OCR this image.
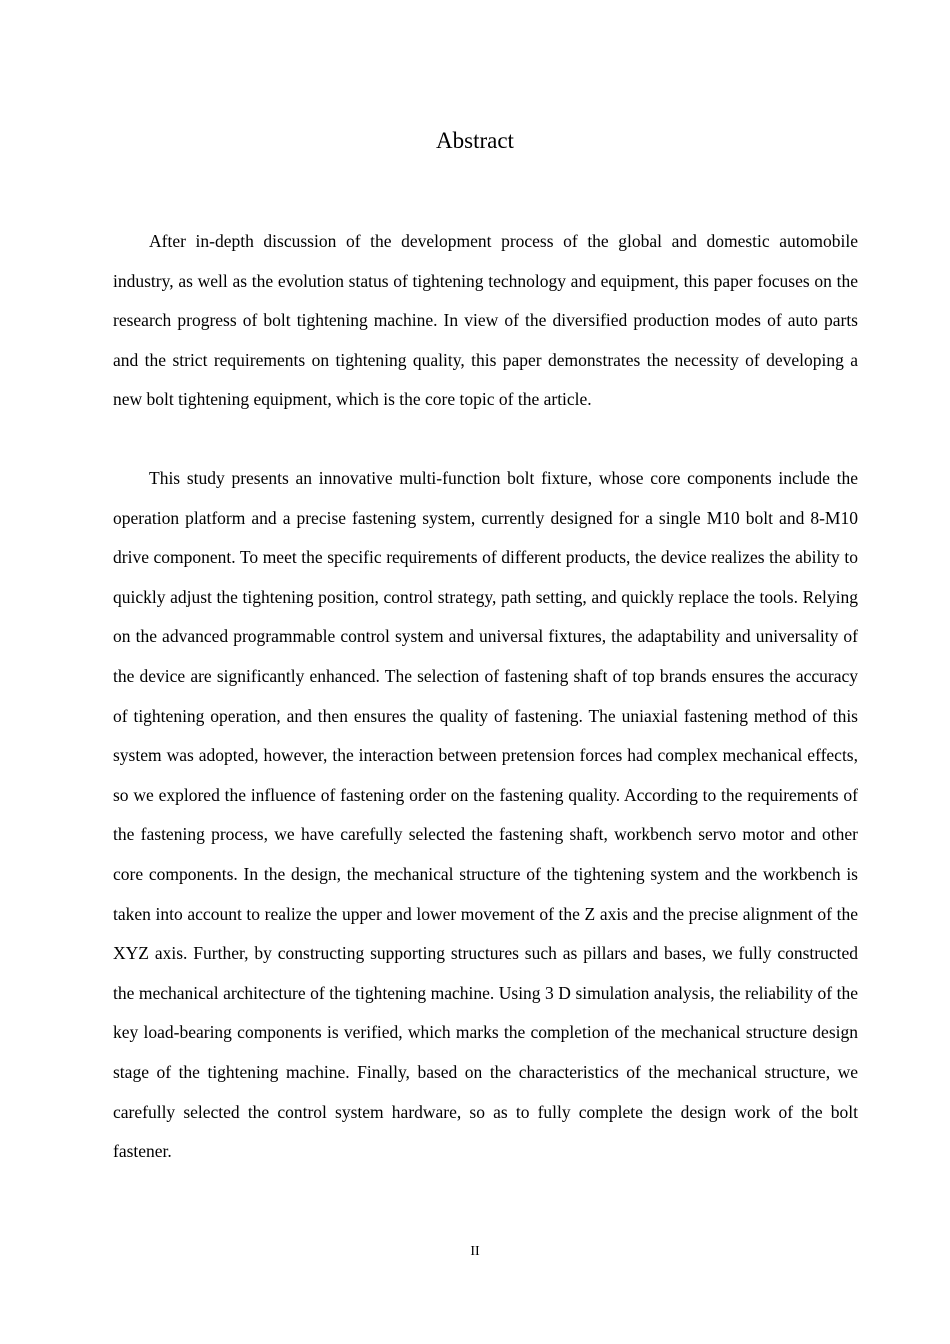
Abstract

After in-depth discussion of the development process of the global and domestic automobile industry, as well as the evolution status of tightening technology and equipment, this paper focuses on the research progress of bolt tightening machine. In view of the diversified production modes of auto parts and the strict requirements on tightening quality, this paper demonstrates the necessity of developing a new bolt tightening equipment, which is the core topic of the article.

This study presents an innovative multi-function bolt fixture, whose core components include the operation platform and a precise fastening system, currently designed for a single M10 bolt and 8-M10 drive component. To meet the specific requirements of different products, the device realizes the ability to quickly adjust the tightening position, control strategy, path setting, and quickly replace the tools. Relying on the advanced programmable control system and universal fixtures, the adaptability and universality of the device are significantly enhanced. The selection of fastening shaft of top brands ensures the accuracy of tightening operation, and then ensures the quality of fastening. The uniaxial fastening method of this system was adopted, however, the interaction between pretension forces had complex mechanical effects, so we explored the influence of fastening order on the fastening quality. According to the requirements of the fastening process, we have carefully selected the fastening shaft, workbench servo motor and other core components. In the design, the mechanical structure of the tightening system and the workbench is taken into account to realize the upper and lower movement of the Z axis and the precise alignment of the XYZ axis. Further, by constructing supporting structures such as pillars and bases, we fully constructed the mechanical architecture of the tightening machine. Using 3 D simulation analysis, the reliability of the key load-bearing components is verified, which marks the completion of the mechanical structure design stage of the tightening machine. Finally, based on the characteristics of the mechanical structure, we carefully selected the control system hardware, so as to fully complete the design work of the bolt fastener.

II
